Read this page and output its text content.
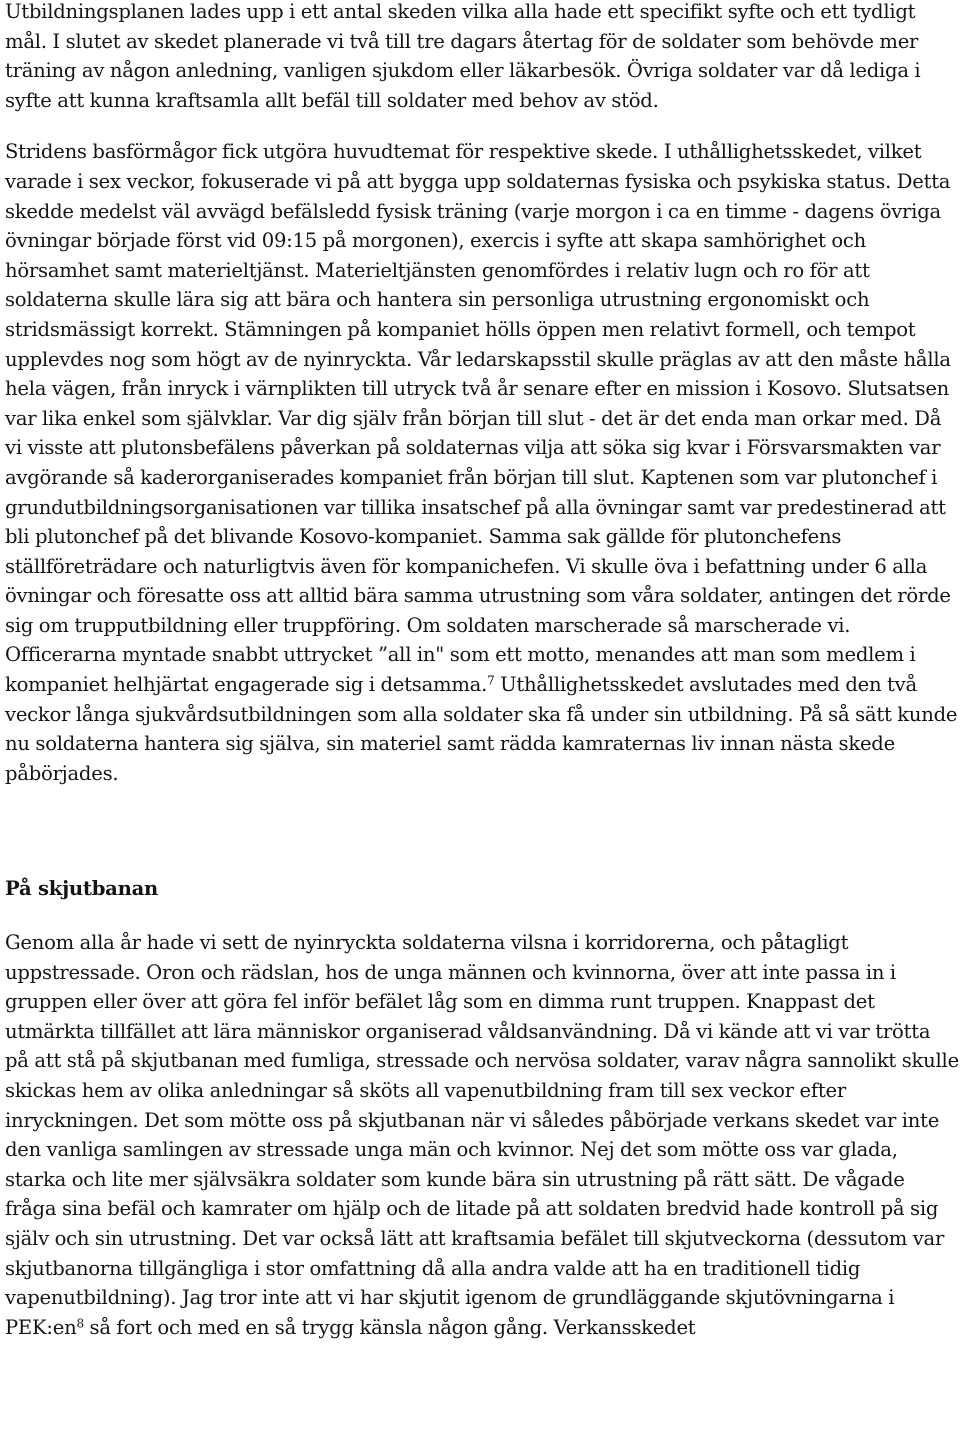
Utbildningsplanen lades upp i ett antal skeden vilka alla hade ett specifikt syfte och ett tydligt mål. I slutet av skedet planerade vi två till tre dagars återtag för de soldater som behövde mer träning av någon anledning, vanligen sjukdom eller läkarbesök. Övriga soldater var då lediga i syfte att kunna kraftsamla allt befäl till soldater med behov av stöd.

Stridens basförmågor fick utgöra huvudtemat för respektive skede. I uthållighetsskedet, vilket varade i sex veckor, fokuserade vi på att bygga upp soldaternas fysiska och psykiska status. Detta skedde medelst väl avvägd befälsledd fysisk träning (varje morgon i ca en timme - dagens övriga övningar började först vid 09:15 på morgonen), exercis i syfte att skapa samhörighet och hörsamhet samt materieltjänst. Materieltjänsten genomfördes i relativ lugn och ro för att soldaterna skulle lära sig att bära och hantera sin personliga utrustning ergonomiskt och stridsmässigt korrekt. Stämningen på kompaniet hölls öppen men relativt formell, och tempot upplevdes nog som högt av de nyinryckta. Vår ledarskapsstil skulle präglas av att den måste hålla hela vägen, från inryck i värnplikten till utryck två år senare efter en mission i Kosovo. Slutsatsen var lika enkel som självklar. Var dig själv från början till slut - det är det enda man orkar med. Då vi visste att plutonsbefälens påverkan på soldaternas vilja att söka sig kvar i Försvarsmakten var avgörande så kaderorganiserades kompaniet från början till slut. Kaptenen som var plutonchef i grundutbildningsorganisationen var tillika insatschef på alla övningar samt var predestinerad att bli plutonchef på det blivande Kosovo-kompaniet. Samma sak gällde för plutonchefens ställföreträdare och naturligtvis även för kompanichefen. Vi skulle öva i befattning under 6 alla övningar och föresatte oss att alltid bära samma utrustning som våra soldater, antingen det rörde sig om trupputbildning eller truppföring. Om soldaten marscherade så marscherade vi. Officerarna myntade snabbt uttrycket ”all in" som ett motto, menandes att man som medlem i kompaniet helhjärtat engagerade sig i detsamma.$^7$ Uthållighetsskedet avslutades med den två veckor långa sjukvårdsutbildningen som alla soldater ska få under sin utbildning. På så sätt kunde nu soldaterna hantera sig själva, sin materiel samt rädda kamraternas liv innan nästa skede påbörjades.

På skjutbanan

Genom alla år hade vi sett de nyinryckta soldaterna vilsna i korridorerna, och påtagligt uppstressade. Oron och rädslan, hos de unga männen och kvinnorna, över att inte passa in i gruppen eller över att göra fel inför befälet låg som en dimma runt truppen. Knappast det utmärkta tillfället att lära människor organiserad våldsanvändning. Då vi kände att vi var trötta på att stå på skjutbanan med fumliga, stressade och nervösa soldater, varav några sannolikt skulle skickas hem av olika anledningar så sköts all vapenutbildning fram till sex veckor efter inryckningen. Det som mötte oss på skjutbanan när vi således påbörjade verkans skedet var inte den vanliga samlingen av stressade unga män och kvinnor. Nej det som mötte oss var glada, starka och lite mer självsäkra soldater som kunde bära sin utrustning på rätt sätt. De vågade fråga sina befäl och kamrater om hjälp och de litade på att soldaten bredvid hade kontroll på sig själv och sin utrustning. Det var också lätt att kraftsamia befälet till skjutveckorna (dessutom var skjutbanorna tillgängliga i stor omfattning då alla andra valde att ha en traditionell tidig vapenutbildning). Jag tror inte att vi har skjutit igenom de grundläggande skjutövningarna i $PEK:en^8$ så fort och med en så trygg känsla någon gång. Verkansskedet
